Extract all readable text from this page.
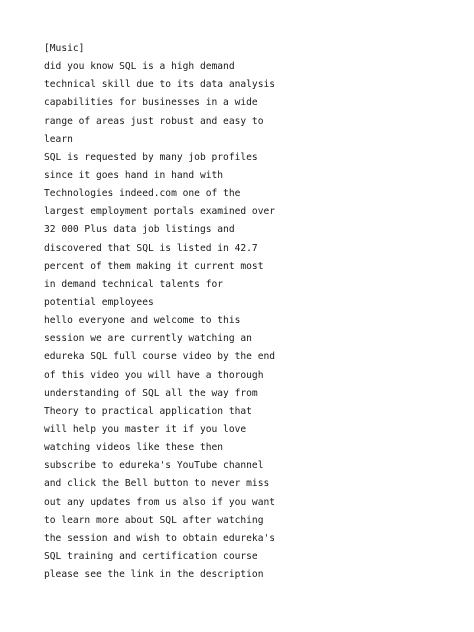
[Music]
did you know SQL is a high demand
technical skill due to its data analysis
capabilities for businesses in a wide
range of areas just robust and easy to
learn
SQL is requested by many job profiles
since it goes hand in hand with
Technologies indeed.com one of the
largest employment portals examined over
32 000 Plus data job listings and
discovered that SQL is listed in 42.7
percent of them making it current most
in demand technical talents for
potential employees
hello everyone and welcome to this
session we are currently watching an
edureka SQL full course video by the end
of this video you will have a thorough
understanding of SQL all the way from
Theory to practical application that
will help you master it if you love
watching videos like these then
subscribe to edureka's YouTube channel
and click the Bell button to never miss
out any updates from us also if you want
to learn more about SQL after watching
the session and wish to obtain edureka's
SQL training and certification course
please see the link in the description
